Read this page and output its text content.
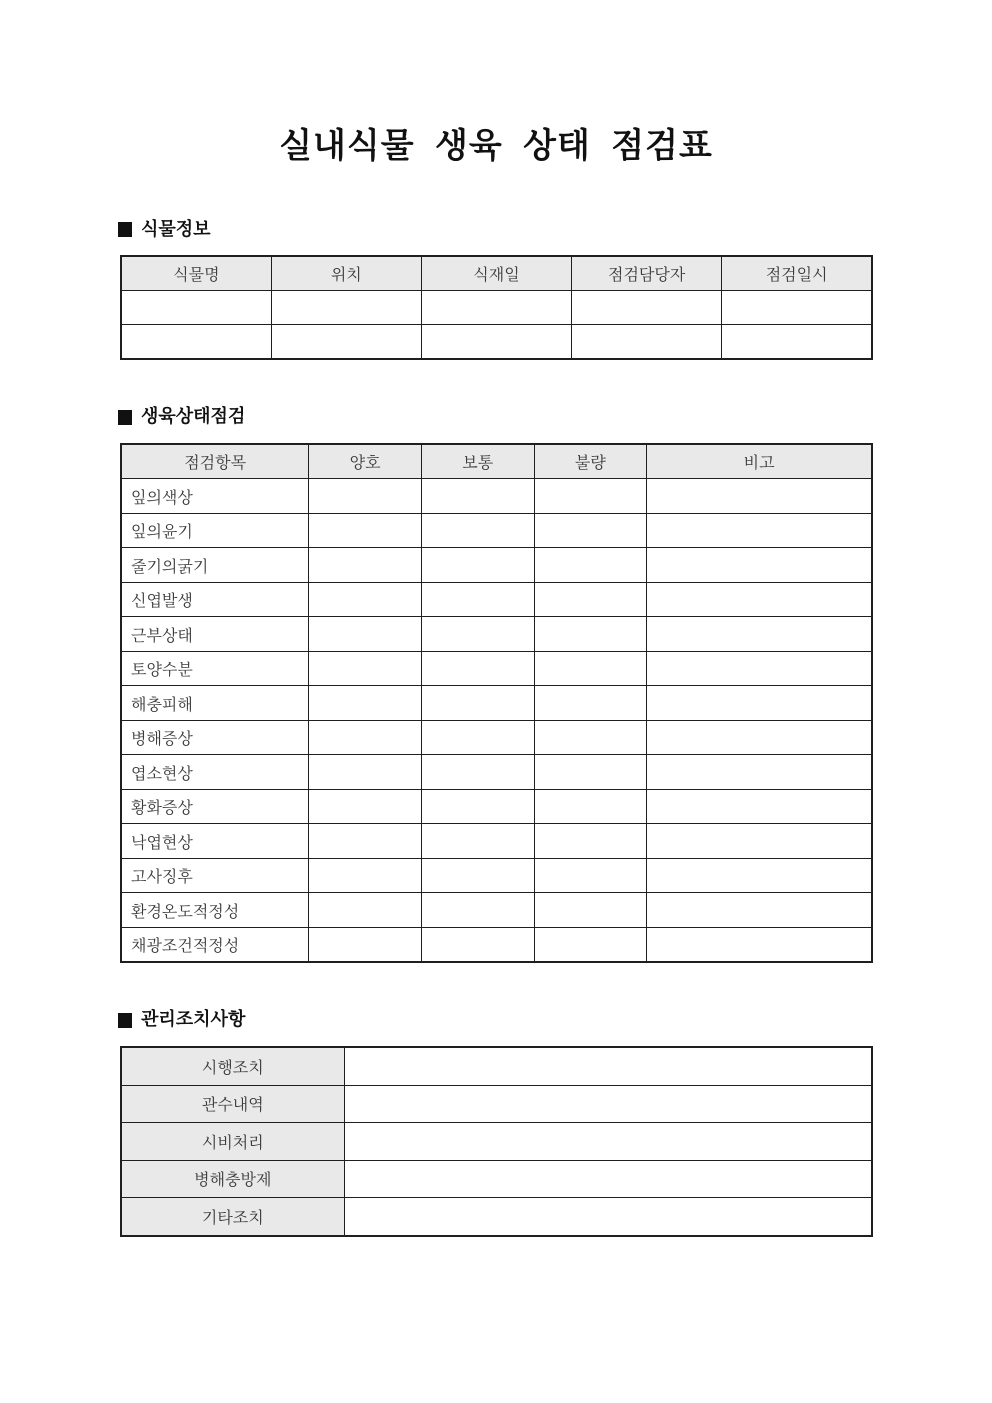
실내식물 생육 상태 점검표
식물정보
식물명	위치	식재일	점검담당자	점검일시

생육상태점검
점검항목	양호	보통	불량	비고
잎의색상				
잎의윤기				
줄기의굵기				
신엽발생				
근부상태				
토양수분				
해충피해				
병해증상				
엽소현상				
황화증상				
낙엽현상				
고사징후				
환경온도적정성				
채광조건적정성				
관리조치사항
시행조치	
관수내역	
시비처리	
병해충방제	
기타조치	
